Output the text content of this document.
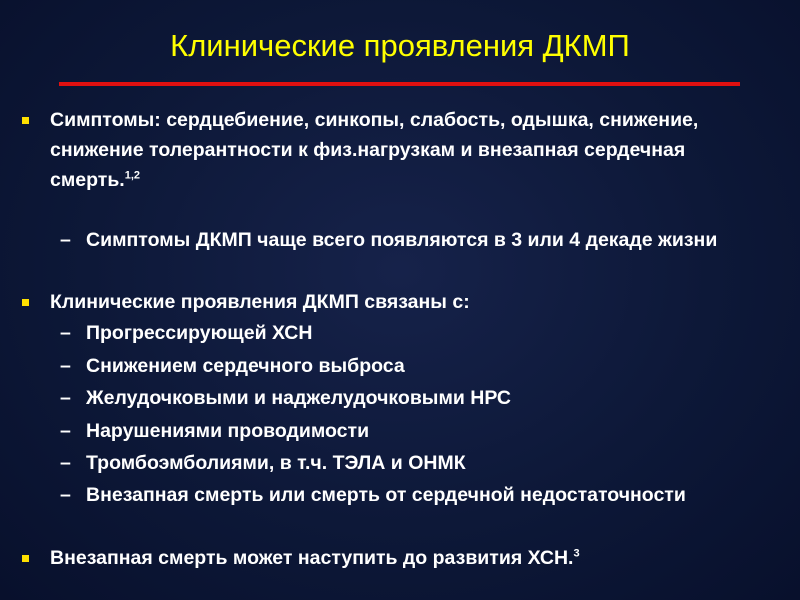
Клинические проявления ДКМП
Симптомы: сердцебиение, синкопы, слабость, одышка, снижение,
снижение толерантности к физ.нагрузкам и внезапная сердечная
смерть.$^{1,2}$
– Симптомы ДКМП чаще всего появляются в 3 или 4 декаде жизни
Клинические проявления ДКМП связаны с:
– Прогрессирующей ХСН
– Снижением сердечного выброса
– Желудочковыми и наджелудочковыми НРС
– Нарушениями проводимости
– Тромбоэмболиями, в т.ч. ТЭЛА и ОНМК
– Внезапная смерть или смерть от сердечной недостаточности
Внезапная смерть может наступить до развития ХСН.$^3$
